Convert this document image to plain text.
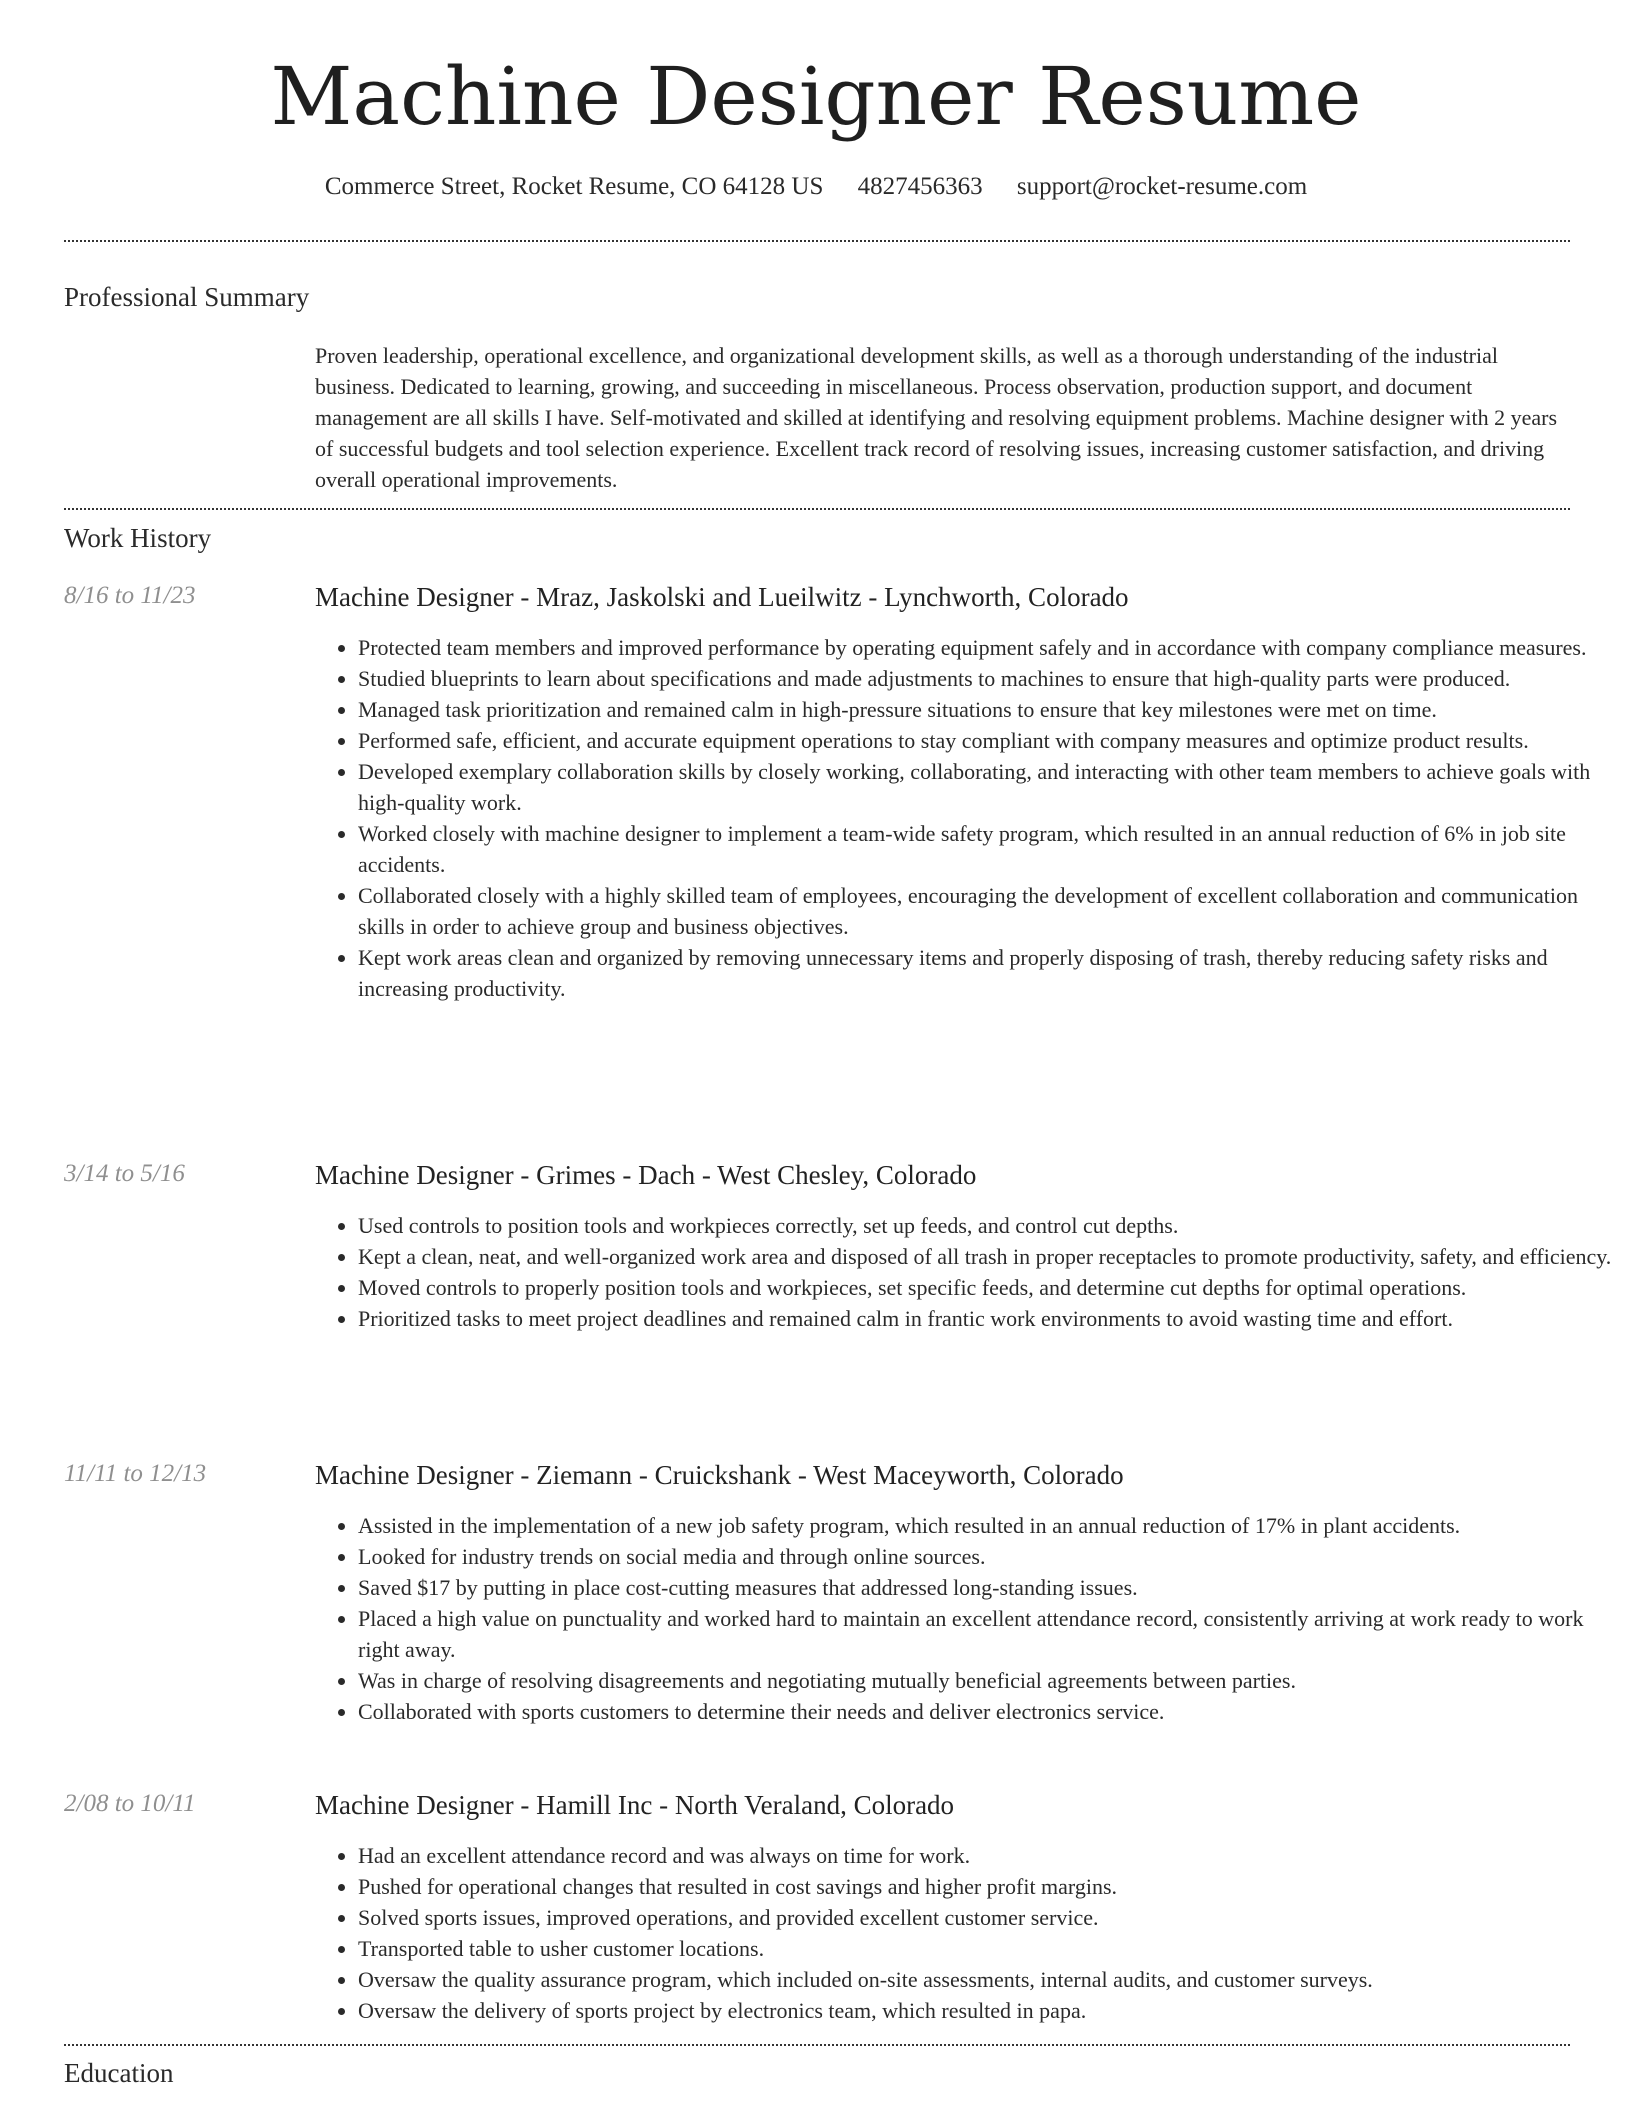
Machine Designer Resume
Commerce Street, Rocket Resume, CO 64128 US 4827456363 support@rocket-resume.com
Professional Summary

Proven leadership, operational excellence, and organizational development skills, as well as a thorough understanding of the industrial business. Dedicated to learning, growing, and succeeding in miscellaneous. Process observation, production support, and document management are all skills I have. Self-motivated and skilled at identifying and resolving equipment problems. Machine designer with 2 years of successful budgets and tool selection experience. Excellent track record of resolving issues, increasing customer satisfaction, and driving overall operational improvements.

Work History
8/16 to 11/23	Machine Designer - Mraz, Jaskolski and Lueilwitz - Lynchworth, Colorado
• Protected team members and improved performance by operating equipment safely and in accordance with company compliance measures.
• Studied blueprints to learn about specifications and made adjustments to machines to ensure that high-quality parts were produced.
• Managed task prioritization and remained calm in high-pressure situations to ensure that key milestones were met on time.
• Performed safe, efficient, and accurate equipment operations to stay compliant with company measures and optimize product results.
• Developed exemplary collaboration skills by closely working, collaborating, and interacting with other team members to achieve goals with high-quality work.
• Worked closely with machine designer to implement a team-wide safety program, which resulted in an annual reduction of 6% in job site accidents.
• Collaborated closely with a highly skilled team of employees, encouraging the development of excellent collaboration and communication skills in order to achieve group and business objectives.
• Kept work areas clean and organized by removing unnecessary items and properly disposing of trash, thereby reducing safety risks and increasing productivity.
3/14 to 5/16	Machine Designer - Grimes - Dach - West Chesley, Colorado
• Used controls to position tools and workpieces correctly, set up feeds, and control cut depths.
• Kept a clean, neat, and well-organized work area and disposed of all trash in proper receptacles to promote productivity, safety, and efficiency.
• Moved controls to properly position tools and workpieces, set specific feeds, and determine cut depths for optimal operations.
• Prioritized tasks to meet project deadlines and remained calm in frantic work environments to avoid wasting time and effort.
11/11 to 12/13	Machine Designer - Ziemann - Cruickshank - West Maceyworth, Colorado
• Assisted in the implementation of a new job safety program, which resulted in an annual reduction of 17% in plant accidents.
• Looked for industry trends on social media and through online sources.
• Saved $17 by putting in place cost-cutting measures that addressed long-standing issues.
• Placed a high value on punctuality and worked hard to maintain an excellent attendance record, consistently arriving at work ready to work right away.
• Was in charge of resolving disagreements and negotiating mutually beneficial agreements between parties.
• Collaborated with sports customers to determine their needs and deliver electronics service.
2/08 to 10/11	Machine Designer - Hamill Inc - North Veraland, Colorado
• Had an excellent attendance record and was always on time for work.
• Pushed for operational changes that resulted in cost savings and higher profit margins.
• Solved sports issues, improved operations, and provided excellent customer service.
• Transported table to usher customer locations.
• Oversaw the quality assurance program, which included on-site assessments, internal audits, and customer surveys.
• Oversaw the delivery of sports project by electronics team, which resulted in papa.
Education
